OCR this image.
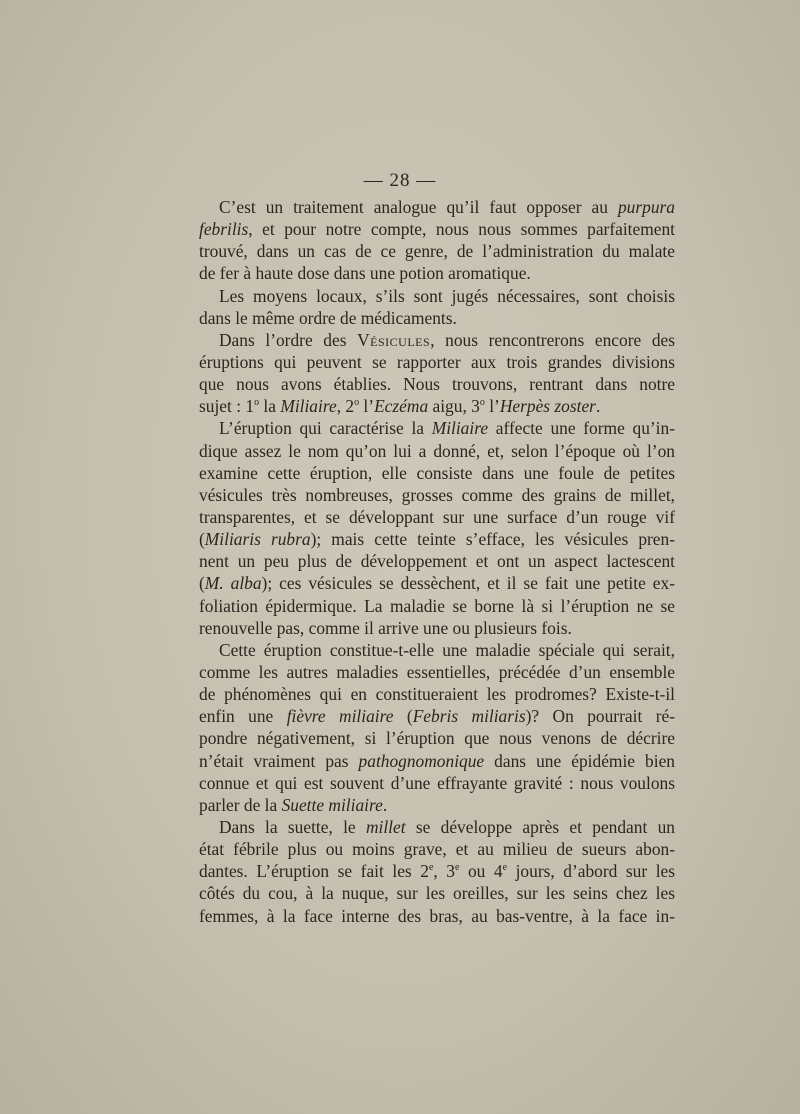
— 28 —
C’est un traitement analogue qu’il faut opposer au purpura
febrilis, et pour notre compte, nous nous sommes parfaitement
trouvé, dans un cas de ce genre, de l’administration du malate
de fer à haute dose dans une potion aromatique.
Les moyens locaux, s’ils sont jugés nécessaires, sont choisis
dans le même ordre de médicaments.
Dans l’ordre des Vésicules, nous rencontrerons encore des
éruptions qui peuvent se rapporter aux trois grandes divisions
que nous avons établies. Nous trouvons, rentrant dans notre
sujet : 1$^o$ la Miliaire, 2$^o$ l’Eczéma aigu, 3$^o$ l’Herpès zoster.
L’éruption qui caractérise la Miliaire affecte une forme qu’in-
dique assez le nom qu’on lui a donné, et, selon l’époque où l’on
examine cette éruption, elle consiste dans une foule de petites
vésicules très nombreuses, grosses comme des grains de millet,
transparentes, et se développant sur une surface d’un rouge vif
(Miliaris rubra); mais cette teinte s’efface, les vésicules pren-
nent un peu plus de développement et ont un aspect lactescent
(M. alba); ces vésicules se dessèchent, et il se fait une petite ex-
foliation épidermique. La maladie se borne là si l’éruption ne se
renouvelle pas, comme il arrive une ou plusieurs fois.
Cette éruption constitue-t-elle une maladie spéciale qui serait,
comme les autres maladies essentielles, précédée d’un ensemble
de phénomènes qui en constitueraient les prodromes? Existe-t-il
enfin une fièvre miliaire (Febris miliaris)? On pourrait ré-
pondre négativement, si l’éruption que nous venons de décrire
n’était vraiment pas pathognomonique dans une épidémie bien
connue et qui est souvent d’une effrayante gravité : nous voulons
parler de la Suette miliaire.
Dans la suette, le millet se développe après et pendant un
état fébrile plus ou moins grave, et au milieu de sueurs abon-
dantes. L’éruption se fait les 2e, 3e ou 4e jours, d’abord sur les
côtés du cou, à la nuque, sur les oreilles, sur les seins chez les
femmes, à la face interne des bras, au bas-ventre, à la face in-
